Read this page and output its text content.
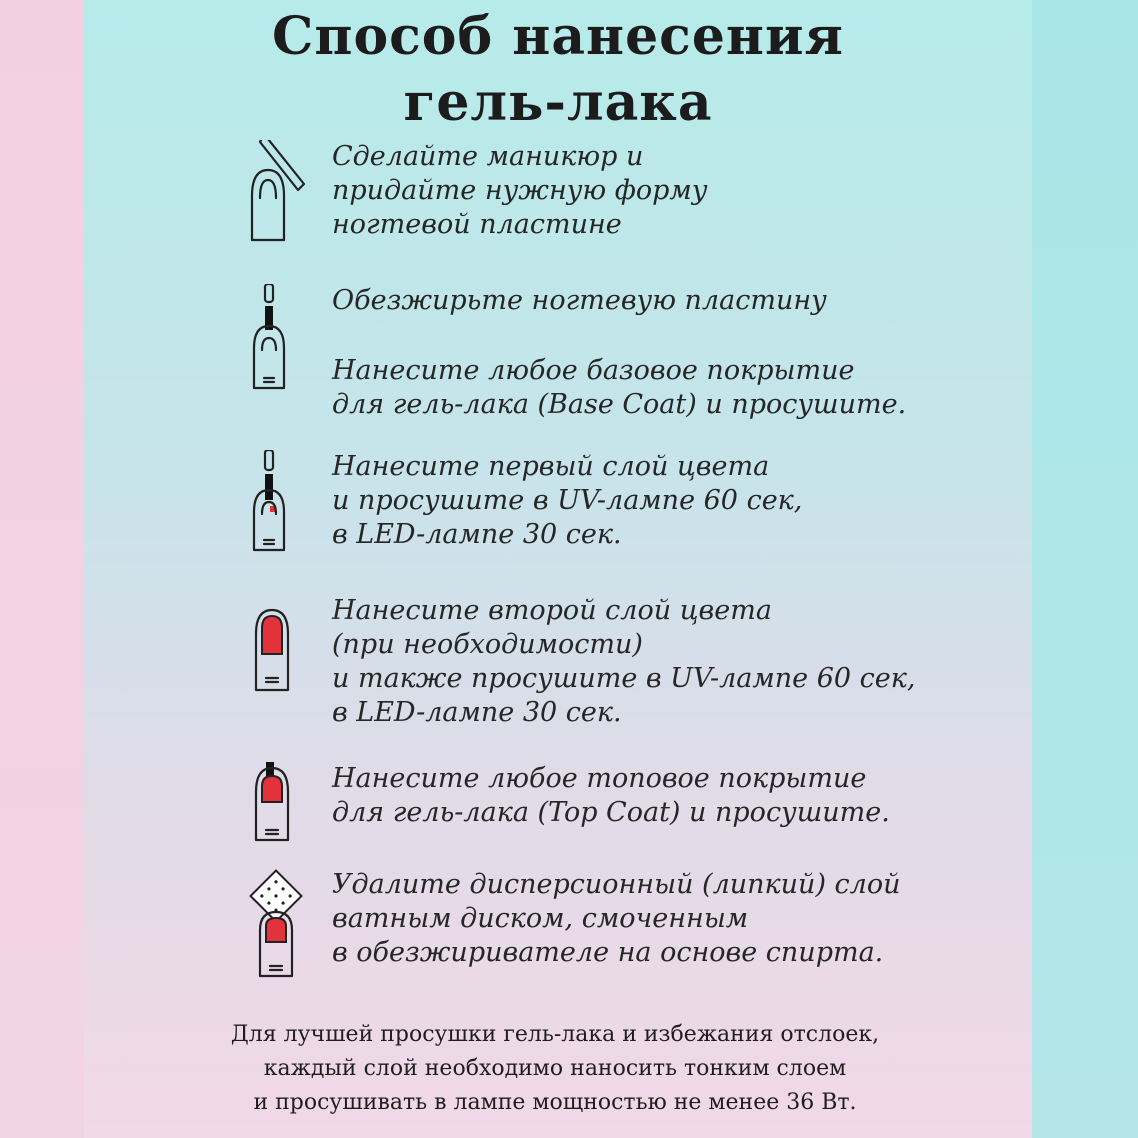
Способ нанесения
гель-лака

Сделайте маникюр и

придайте нужную форму

ногтевой пластине

Обезжирьте ногтевую пластину

Нанесите любое базовое покрытие

для гель-лака (Base Coat) и просушите.

Нанесите первый слой цвета

и просушите в UV-лампе 60 сек,

в LED-лампе 30 сек.

Нанесите второй слой цвета

(при необходимости)

и также просушите в UV-лампе 60 сек,

в LED-лампе 30 сек.

Нанесите любое топовое покрытие

для гель-лака (Top Coat) и просушите.

Удалите дисперсионный (липкий) слой

ватным диском, смоченным

в обезжиривателе на основе спирта.

Для лучшей просушки гель-лака и избежания отслоек,

каждый слой необходимо наносить тонким слоем

и просушивать в лампе мощностью не менее 36 Вт.
